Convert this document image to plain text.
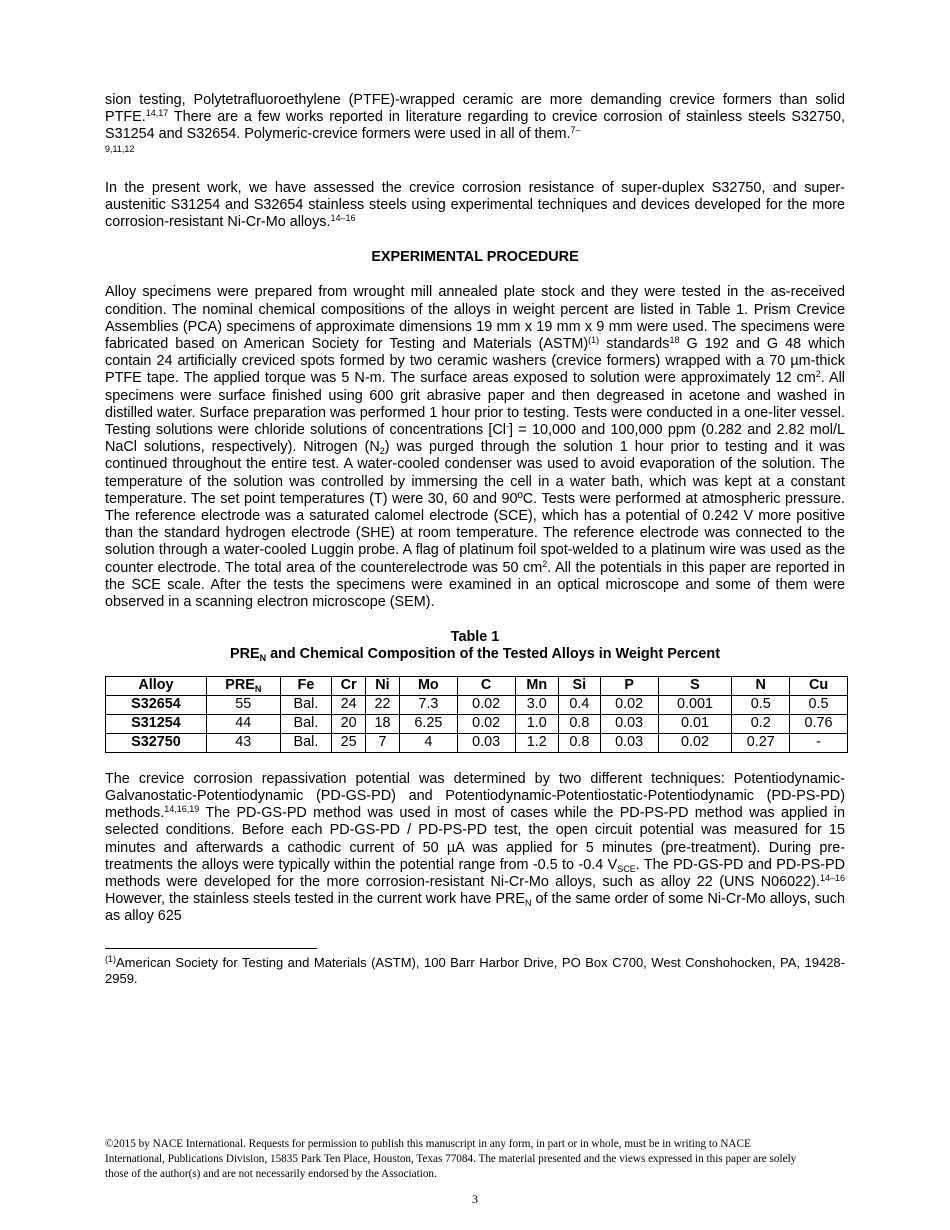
sion testing, Polytetrafluoroethylene (PTFE)-wrapped ceramic are more demanding crevice formers than solid PTFE.$^{14,17}$ There are a few works reported in literature regarding to crevice corrosion of stainless steels S32750, S31254 and S32654. Polymeric-crevice formers were used in all of them.$^{7-}$
9,11,12

In the present work, we have assessed the crevice corrosion resistance of super-duplex S32750, and super-austenitic S31254 and S32654 stainless steels using experimental techniques and devices developed for the more corrosion-resistant Ni-Cr-Mo alloys.$^{14-16}$

EXPERIMENTAL PROCEDURE

Alloy specimens were prepared from wrought mill annealed plate stock and they were tested in the as-received condition. The nominal chemical compositions of the alloys in weight percent are listed in Table 1. Prism Crevice Assemblies (PCA) specimens of approximate dimensions 19 mm x 19 mm x 9 mm were used. The specimens were fabricated based on American Society for Testing and Materials (ASTM)$^{(1)}$ standards$^{18}$ G 192 and G 48 which contain 24 artificially creviced spots formed by two ceramic washers (crevice formers) wrapped with a 70 µm-thick PTFE tape. The applied torque was 5 N-m. The surface areas exposed to solution were approximately 12 $cm^2$. All specimens were surface finished using 600 grit abrasive paper and then degreased in acetone and washed in distilled water. Surface preparation was performed 1 hour prior to testing. Tests were conducted in a one-liter vessel. Testing solutions were chloride solutions of concentrations [Cl-] = 10,000 and 100,000 ppm (0.282 and 2.82 mol/L NaCl solutions, respectively). Nitrogen $(N_2)$ was purged through the solution 1 hour prior to testing and it was continued throughout the entire test. A water-cooled condenser was used to avoid evaporation of the solution. The temperature of the solution was controlled by immersing the cell in a water bath, which was kept at a constant temperature. The set point temperatures (T) were 30, 60 and 90ºC. Tests were performed at atmospheric pressure. The reference electrode was a saturated calomel electrode (SCE), which has a potential of 0.242 V more positive than the standard hydrogen electrode (SHE) at room temperature. The reference electrode was connected to the solution through a water-cooled Luggin probe. A flag of platinum foil spot-welded to a platinum wire was used as the counter electrode. The total area of the counterelectrode was 50 $cm^2$. All the potentials in this paper are reported in the SCE scale. After the tests the specimens were examined in an optical microscope and some of them were observed in a scanning electron microscope (SEM).

Table 1
$PRE_N$ and Chemical Composition of the Tested Alloys in Weight Percent
Alloy	$PRE_N$	Fe	Cr	Ni	Mo	C	Mn	Si	P	S	N	Cu
S32654	55	Bal.	24	22	7.3	0.02	3.0	0.4	0.02	0.001	0.5	0.5
S31254	44	Bal.	20	18	6.25	0.02	1.0	0.8	0.03	0.01	0.2	0.76
S32750	43	Bal.	25	7	4	0.03	1.2	0.8	0.03	0.02	0.27	-

The crevice corrosion repassivation potential was determined by two different techniques: Potentiodynamic-Galvanostatic-Potentiodynamic (PD-GS-PD) and Potentiodynamic-Potentiostatic-Potentiodynamic (PD-PS-PD) methods.$^{14,16,19}$ The PD-GS-PD method was used in most of cases while the PD-PS-PD method was applied in selected conditions. Before each PD-GS-PD / PD-PS-PD test, the open circuit potential was measured for 15 minutes and afterwards a cathodic current of 50 µA was applied for 5 minutes (pre-treatment). During pre-treatments the alloys were typically within the potential range from -0.5 to -0.4 $V_{SCE}$. The PD-GS-PD and PD-PS-PD methods were developed for the more corrosion-resistant Ni-Cr-Mo alloys, such as alloy 22 (UNS N06022).$^{14-16}$ However, the stainless steels tested in the current work have $PRE_N$ of the same order of some Ni-Cr-Mo alloys, such as alloy 625

$^{(1)}$American Society for Testing and Materials (ASTM), 100 Barr Harbor Drive, PO Box C700, West Conshohocken, PA, 19428-2959.

©2015 by NACE International. Requests for permission to publish this manuscript in any form, in part or in whole, must be in writing to NACE International, Publications Division, 15835 Park Ten Place, Houston, Texas 77084. The material presented and the views expressed in this paper are solely those of the author(s) and are not necessarily endorsed by the Association.
3
